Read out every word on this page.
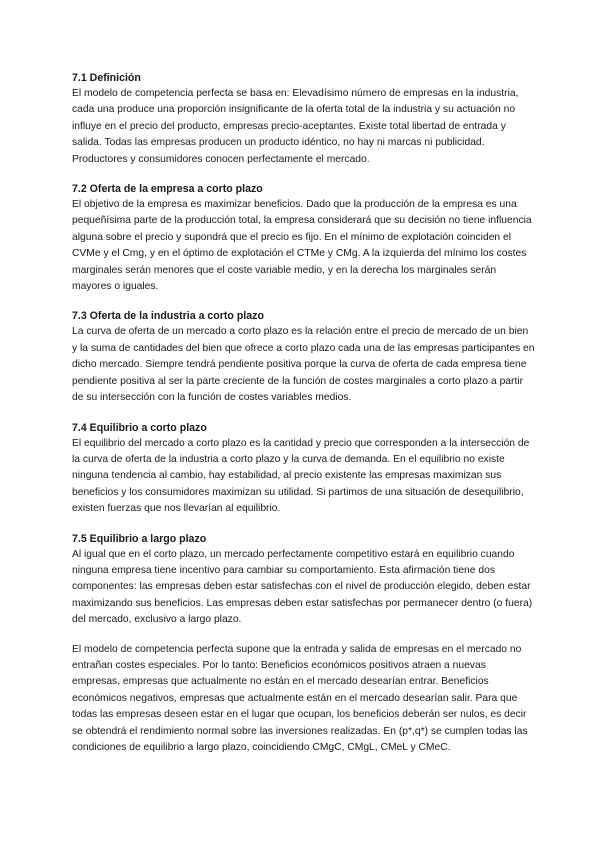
7.1 Definición

El modelo de competencia perfecta se basa en: Elevadísimo número de empresas en la industria, cada una produce una proporción insignificante de la oferta total de la industria y su actuación no influye en el precio del producto, empresas precio-aceptantes. Existe total libertad de entrada y salida. Todas las empresas producen un producto idéntico, no hay ni marcas ni publicidad. Productores y consumidores conocen perfectamente el mercado.

7.2 Oferta de la empresa a corto plazo

El objetivo de la empresa es maximizar beneficios. Dado que la producción de la empresa es una pequeñísima parte de la producción total, la empresa considerará que su decisión no tiene influencia alguna sobre el precio y supondrá que el precio es fijo. En el mínimo de explotación coinciden el CVMe y el Cmg, y en el óptimo de explotación el CTMe y CMg. A la izquierda del mínimo los costes marginales serán menores que el coste variable medio, y en la derecha los marginales serán mayores o iguales.

7.3 Oferta de la industria a corto plazo

La curva de oferta de un mercado a corto plazo es la relación entre el precio de mercado de un bien y la suma de cantidades del bien que ofrece a corto plazo cada una de las empresas participantes en dicho mercado. Siempre tendrá pendiente positiva porque la curva de oferta de cada empresa tiene pendiente positiva al ser la parte creciente de la función de costes marginales a corto plazo a partir de su intersección con la función de costes variables medios.

7.4 Equilibrio a corto plazo

El equilibrio del mercado a corto plazo es la cantidad y precio que corresponden a la intersección de la curva de oferta de la industria a corto plazo y la curva de demanda. En el equilibrio no existe ninguna tendencia al cambio, hay estabilidad, al precio existente las empresas maximizan sus beneficios y los consumidores maximizan su utilidad. Si partimos de una situación de desequilibrio, existen fuerzas que nos llevarían al equilibrio.

7.5 Equilibrio a largo plazo

Al igual que en el corto plazo, un mercado perfectamente competitivo estará en equilibrio cuando ninguna empresa tiene incentivo para cambiar su comportamiento. Esta afirmación tiene dos componentes: las empresas deben estar satisfechas con el nivel de producción elegido, deben estar maximizando sus beneficios. Las empresas deben estar satisfechas por permanecer dentro (o fuera) del mercado, exclusivo a largo plazo.

El modelo de competencia perfecta supone que la entrada y salida de empresas en el mercado no entrañan costes especiales. Por lo tanto: Beneficios económicos positivos atraen a nuevas empresas, empresas que actualmente no están en el mercado desearían entrar. Beneficios económicos negativos, empresas que actualmente están en el mercado desearían salir. Para que todas las empresas deseen estar en el lugar que ocupan, los beneficios deberán ser nulos, es decir se obtendrá el rendimiento normal sobre las inversiones realizadas. En (p*,q*) se cumplen todas las condiciones de equilibrio a largo plazo, coincidiendo CMgC, CMgL, CMeL y CMeC.
